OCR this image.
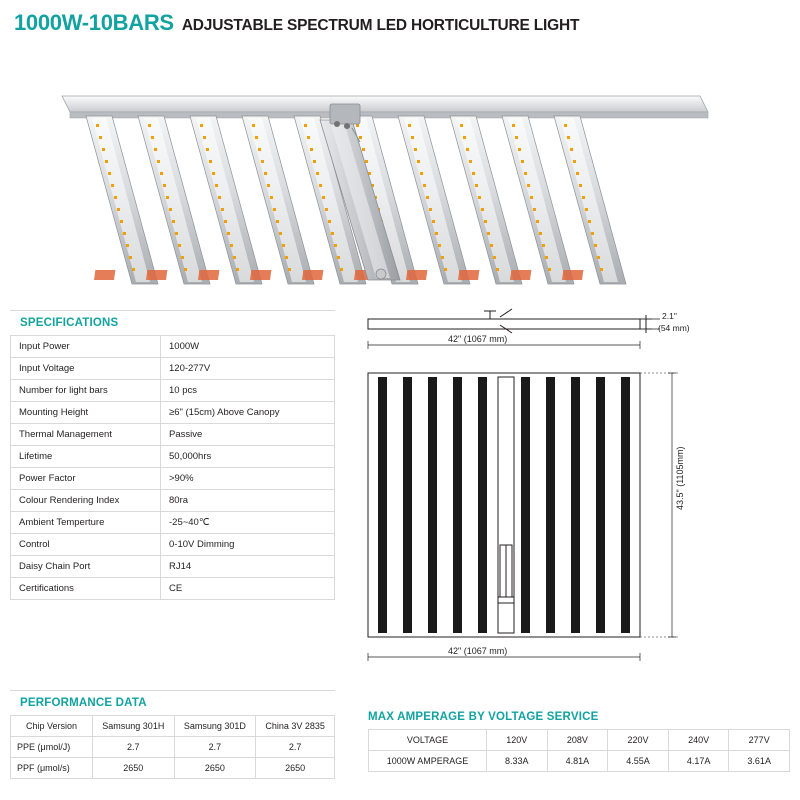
1000W-10BARS ADJUSTABLE SPECTRUM LED HORTICULTURE LIGHT
SPECIFICATIONS
Input Power	1000W
Input Voltage	120-277V
Number for light bars	10 pcs
Mounting Height	≥6" (15cm) Above Canopy
Thermal Management	Passive
Lifetime	50,000hrs
Power Factor	>90%
Colour Rendering Index	80ra
Ambient Temperture	-25~40℃
Control	0-10V Dimming
Daisy Chain Port	RJ14
Certifications	CE
PERFORMANCE DATA
Chip Version	Samsung 301H	Samsung 301D	China 3V 2835
PPE (μmol/J)	2.7	2.7	2.7
PPF (μmol/s)	2650	2650	2650
MAX AMPERAGE BY VOLTAGE SERVICE
VOLTAGE	120V	208V	220V	240V	277V
1000W AMPERAGE	8.33A	4.81A	4.55A	4.17A	3.61A
2.1"
(54 mm)
42" (1067 mm)
42" (1067 mm)
43.5" (1105mm)
